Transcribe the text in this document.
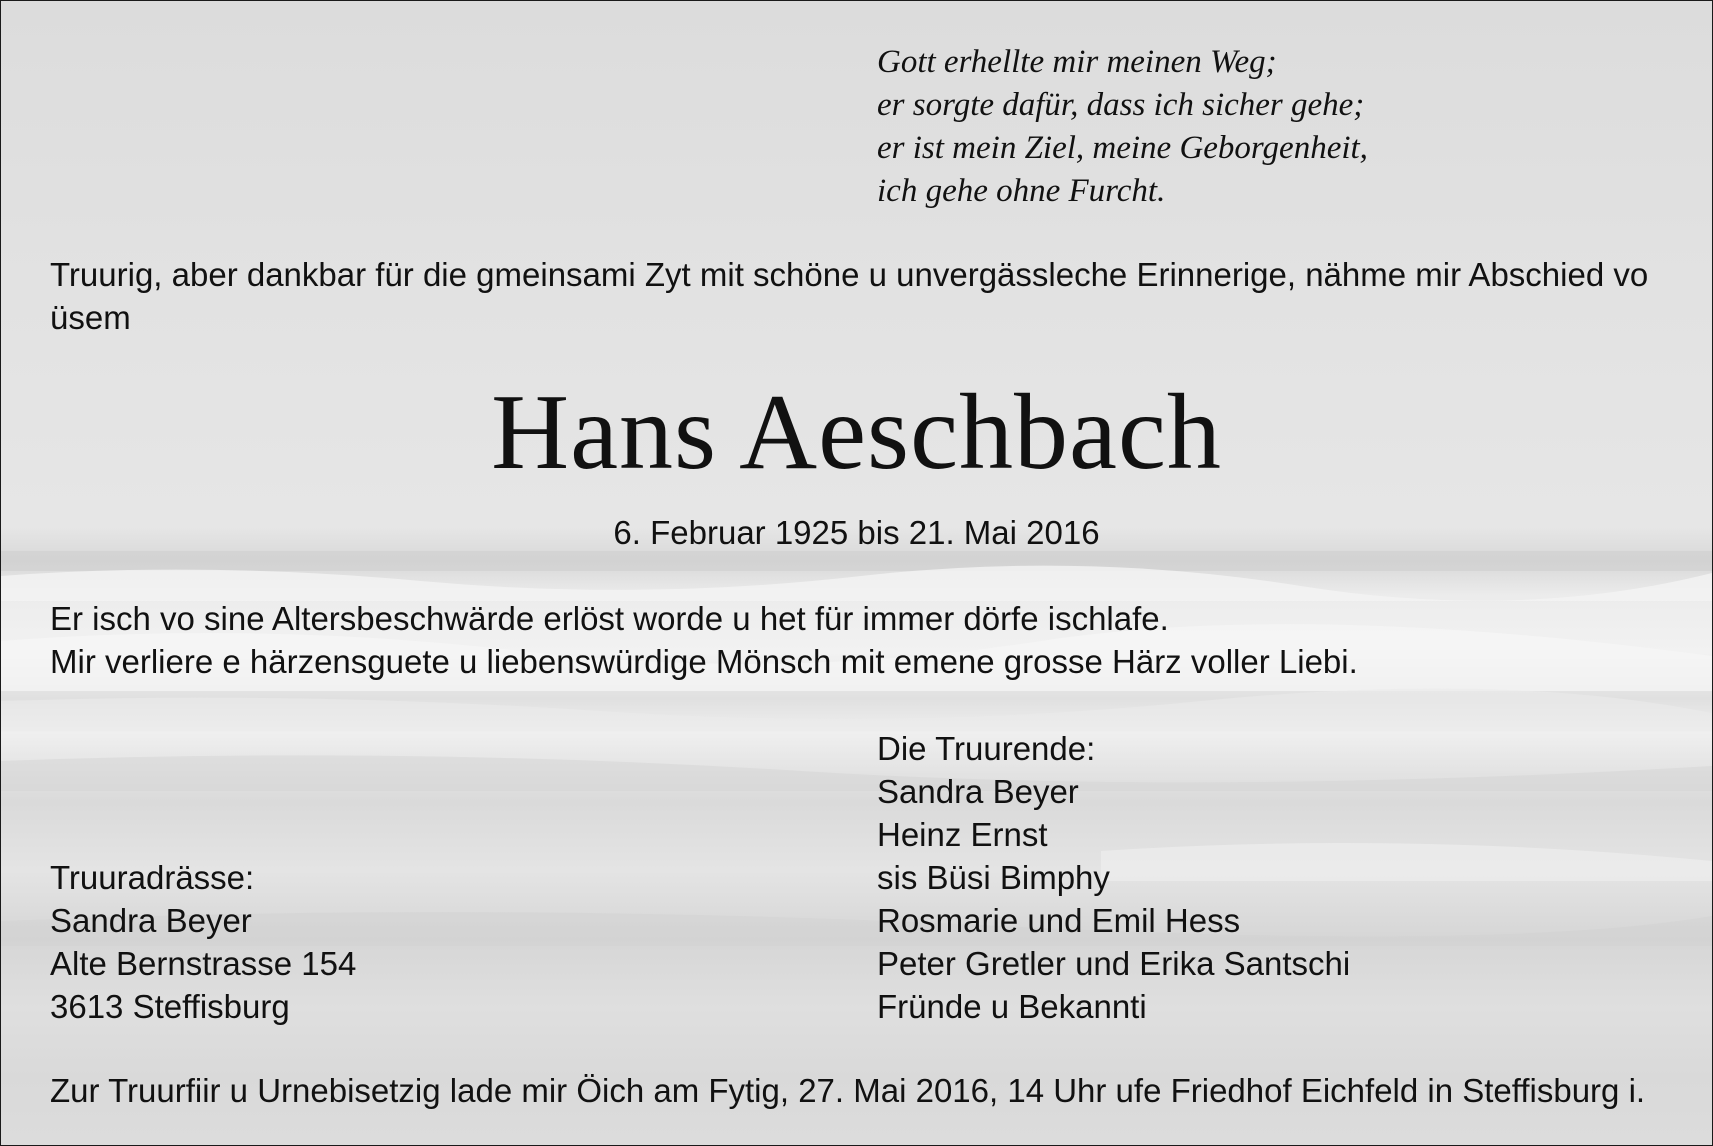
Gott erhellte mir meinen Weg;
er sorgte dafür, dass ich sicher gehe;
er ist mein Ziel, meine Geborgenheit,
ich gehe ohne Furcht.
Truurig, aber dankbar für die gmeinsami Zyt mit schöne u unvergässleche Erinnerige, nähme mir Abschied vo üsem
Hans Aeschbach
6. Februar 1925 bis 21. Mai 2016
Er isch vo sine Altersbeschwärde erlöst worde u het für immer dörfe ischlafe.
Mir verliere e härzensguete u liebenswürdige Mönsch mit emene grosse Härz voller Liebi.
Die Truurende:
Sandra Beyer
Heinz Ernst
sis Büsi Bimphy
Rosmarie und Emil Hess
Peter Gretler und Erika Santschi
Fründe u Bekannti
Truuradrässe:
Sandra Beyer
Alte Bernstrasse 154
3613 Steffisburg
Zur Truurfiir u Urnebisetzig lade mir Öich am Fytig, 27. Mai 2016, 14 Uhr ufe Friedhof Eichfeld in Steffisburg i.
